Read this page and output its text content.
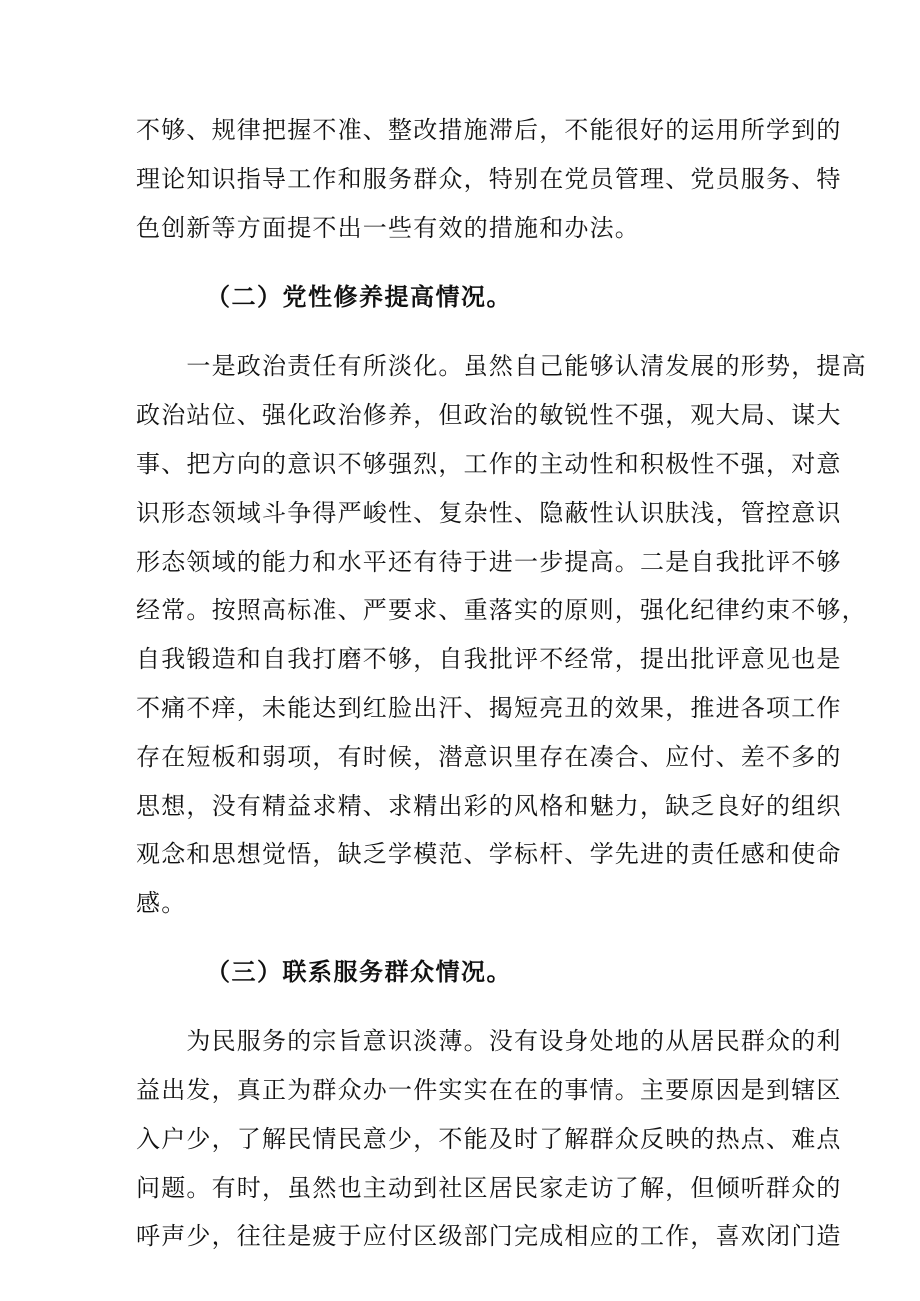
不够、规律把握不准、整改措施滞后，不能很好的运用所学到的
理论知识指导工作和服务群众，特别在党员管理、党员服务、特
色创新等方面提不出一些有效的措施和办法。
（二）党性修养提高情况。
　　一是政治责任有所淡化。虽然自己能够认清发展的形势，提高
政治站位、强化政治修养，但政治的敏锐性不强，观大局、谋大
事、把方向的意识不够强烈，工作的主动性和积极性不强，对意
识形态领域斗争得严峻性、复杂性、隐蔽性认识肤浅，管控意识
形态领域的能力和水平还有待于进一步提高。二是自我批评不够
经常。按照高标准、严要求、重落实的原则，强化纪律约束不够，
自我锻造和自我打磨不够，自我批评不经常，提出批评意见也是
不痛不痒，未能达到红脸出汗、揭短亮丑的效果，推进各项工作
存在短板和弱项，有时候，潜意识里存在凑合、应付、差不多的
思想，没有精益求精、求精出彩的风格和魅力，缺乏良好的组织
观念和思想觉悟，缺乏学模范、学标杆、学先进的责任感和使命
感。
（三）联系服务群众情况。
　　为民服务的宗旨意识淡薄。没有设身处地的从居民群众的利
益出发，真正为群众办一件实实在在的事情。主要原因是到辖区
入户少，了解民情民意少，不能及时了解群众反映的热点、难点
问题。有时，虽然也主动到社区居民家走访了解，但倾听群众的
呼声少，往往是疲于应付区级部门完成相应的工作，喜欢闭门造
